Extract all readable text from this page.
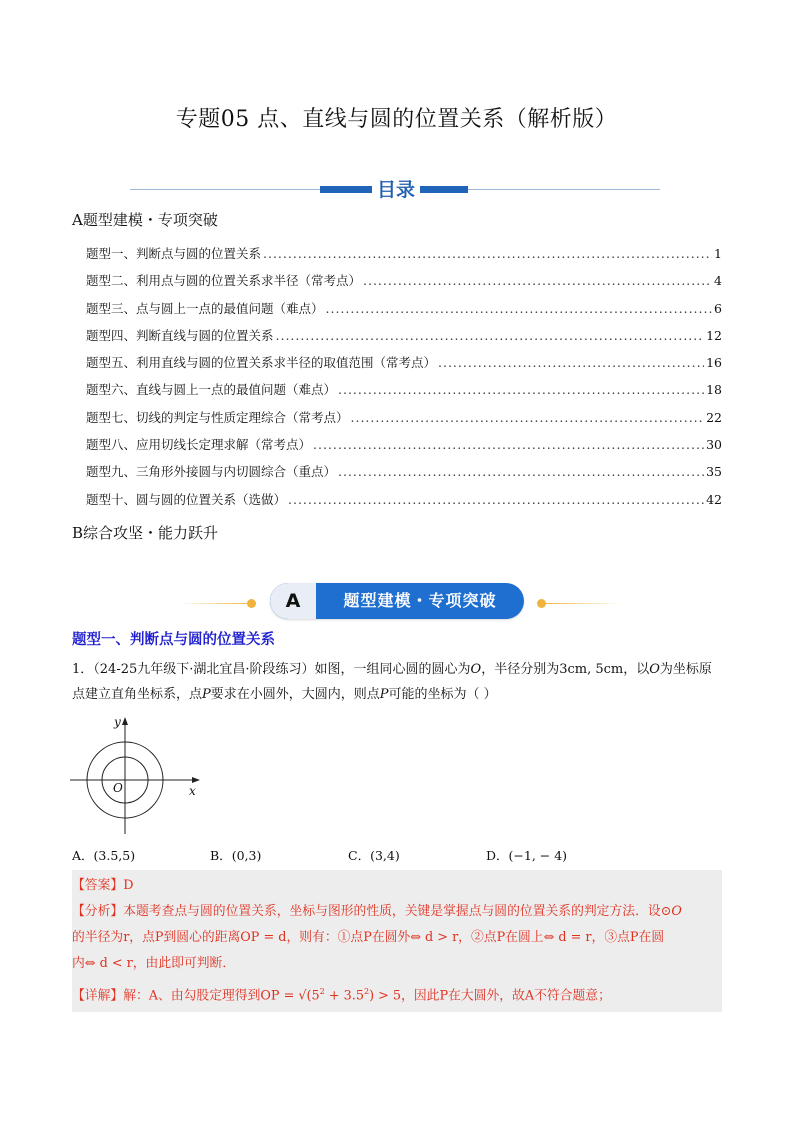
专题05 点、直线与圆的位置关系（解析版）
目录
A题型建模・专项突破
题型一、判断点与圆的位置关系 .....	1
题型二、利用点与圆的位置关系求半径（常考点） .....	4
题型三、点与圆上一点的最值问题（难点） .....	6
题型四、判断直线与圆的位置关系 .....	12
题型五、利用直线与圆的位置关系求半径的取值范围（常考点） .....	16
题型六、直线与圆上一点的最值问题（难点） .....	18
题型七、切线的判定与性质定理综合（常考点） .....	22
题型八、应用切线长定理求解（常考点） .....	30
题型九、三角形外接圆与内切圆综合（重点） .....	35
题型十、圆与圆的位置关系（选做） .....	42
B综合攻坚・能力跃升
A	题型建模・专项突破
题型一、判断点与圆的位置关系
1．（24-25九年级下·湖北宜昌·阶段练习）如图，一组同心圆的圆心为O，半径分别为3cm, 5cm，以O为坐标原点建立直角坐标系，点P要求在小圆外，大圆内，则点P可能的坐标为（ ）
y
x
O
A．(3.5,5)	B．(0,3)	C．(3,4)	D．(−1, − 4)
【答案】D
【分析】本题考查点与圆的位置关系，坐标与图形的性质，关键是掌握点与圆的位置关系的判定方法．设⊙O
的半径为r，点P到圆心的距离OP = d，则有：①点P在圆外⇔ d > r，②点P在圆上⇔ d = r，③点P在圆
内⇔ d < r，由此即可判断．
【详解】解：A、由勾股定理得到OP = $√(5^2 + 3.5^2) > 5$，因此P在大圆外，故A不符合题意；
